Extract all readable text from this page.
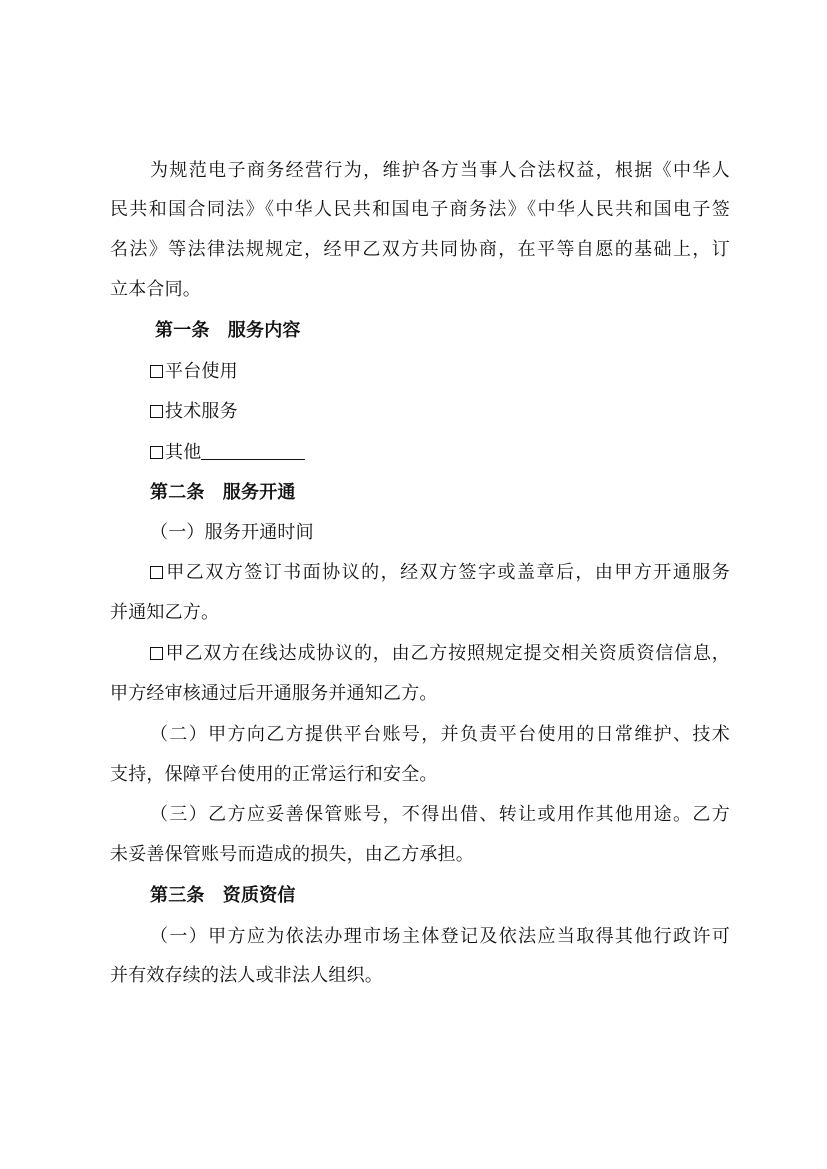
为规范电子商务经营行为，维护各方当事人合法权益，根据《中华人
民共和国合同法》《中华人民共和国电子商务法》《中华人民共和国电子签
名法》等法律法规规定，经甲乙双方共同协商，在平等自愿的基础上，订
立本合同。
第一条　服务内容
平台使用
技术服务
其他
第二条　服务开通
（一）服务开通时间
甲乙双方签订书面协议的，经双方签字或盖章后，由甲方开通服务
并通知乙方。
甲乙双方在线达成协议的，由乙方按照规定提交相关资质资信信息，
甲方经审核通过后开通服务并通知乙方。
（二）甲方向乙方提供平台账号，并负责平台使用的日常维护、技术
支持，保障平台使用的正常运行和安全。
（三）乙方应妥善保管账号，不得出借、转让或用作其他用途。乙方
未妥善保管账号而造成的损失，由乙方承担。
第三条　资质资信
（一）甲方应为依法办理市场主体登记及依法应当取得其他行政许可
并有效存续的法人或非法人组织。
